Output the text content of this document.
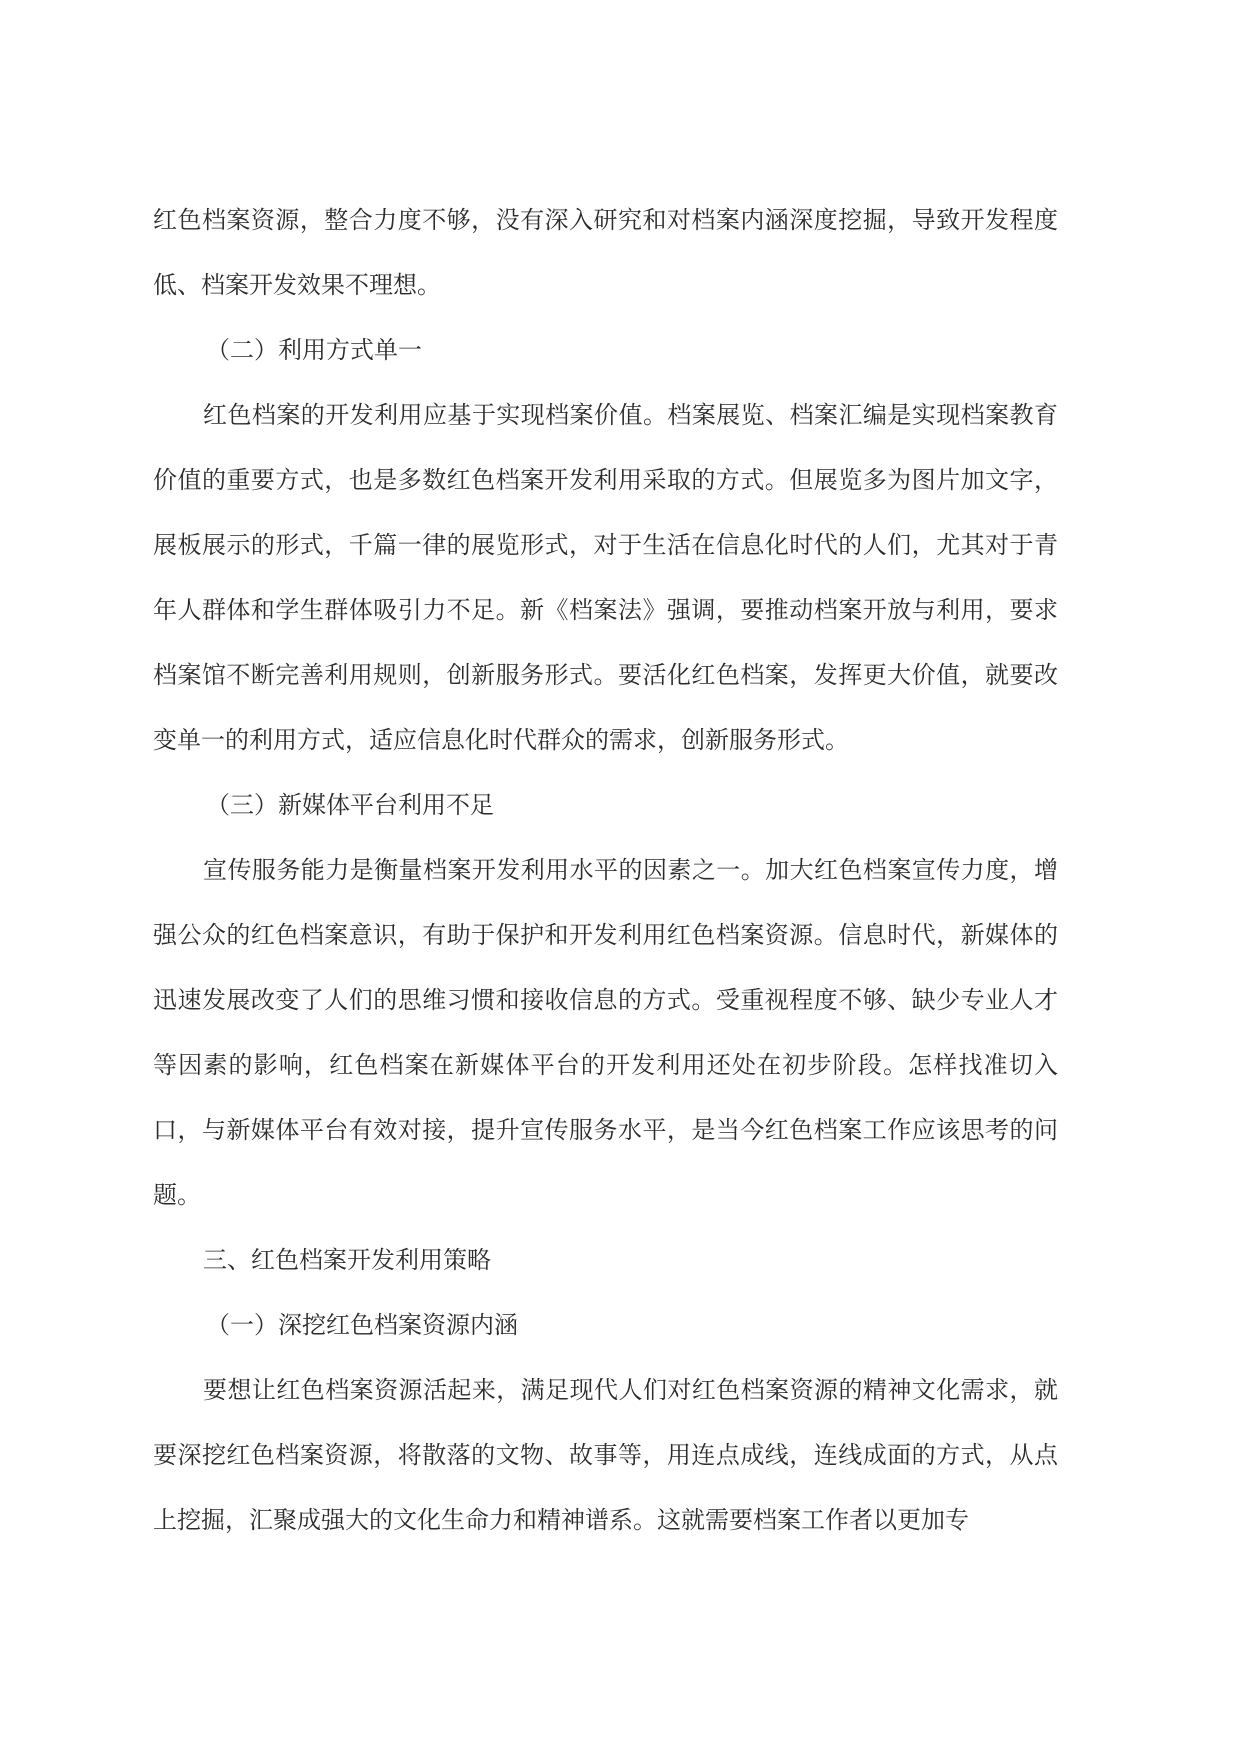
红色档案资源，整合力度不够，没有深入研究和对档案内涵深度挖掘，导致开发程度低、档案开发效果不理想。

（二）利用方式单一

红色档案的开发利用应基于实现档案价值。档案展览、档案汇编是实现档案教育价值的重要方式，也是多数红色档案开发利用采取的方式。但展览多为图片加文字，展板展示的形式，千篇一律的展览形式，对于生活在信息化时代的人们，尤其对于青年人群体和学生群体吸引力不足。新《档案法》强调，要推动档案开放与利用，要求档案馆不断完善利用规则，创新服务形式。要活化红色档案，发挥更大价值，就要改变单一的利用方式，适应信息化时代群众的需求，创新服务形式。

（三）新媒体平台利用不足

宣传服务能力是衡量档案开发利用水平的因素之一。加大红色档案宣传力度，增强公众的红色档案意识，有助于保护和开发利用红色档案资源。信息时代，新媒体的迅速发展改变了人们的思维习惯和接收信息的方式。受重视程度不够、缺少专业人才等因素的影响，红色档案在新媒体平台的开发利用还处在初步阶段。怎样找准切入口，与新媒体平台有效对接，提升宣传服务水平，是当今红色档案工作应该思考的问题。

三、红色档案开发利用策略

（一）深挖红色档案资源内涵

要想让红色档案资源活起来，满足现代人们对红色档案资源的精神文化需求，就要深挖红色档案资源，将散落的文物、故事等，用连点成线，连线成面的方式，从点上挖掘，汇聚成强大的文化生命力和精神谱系。这就需要档案工作者以更加专
